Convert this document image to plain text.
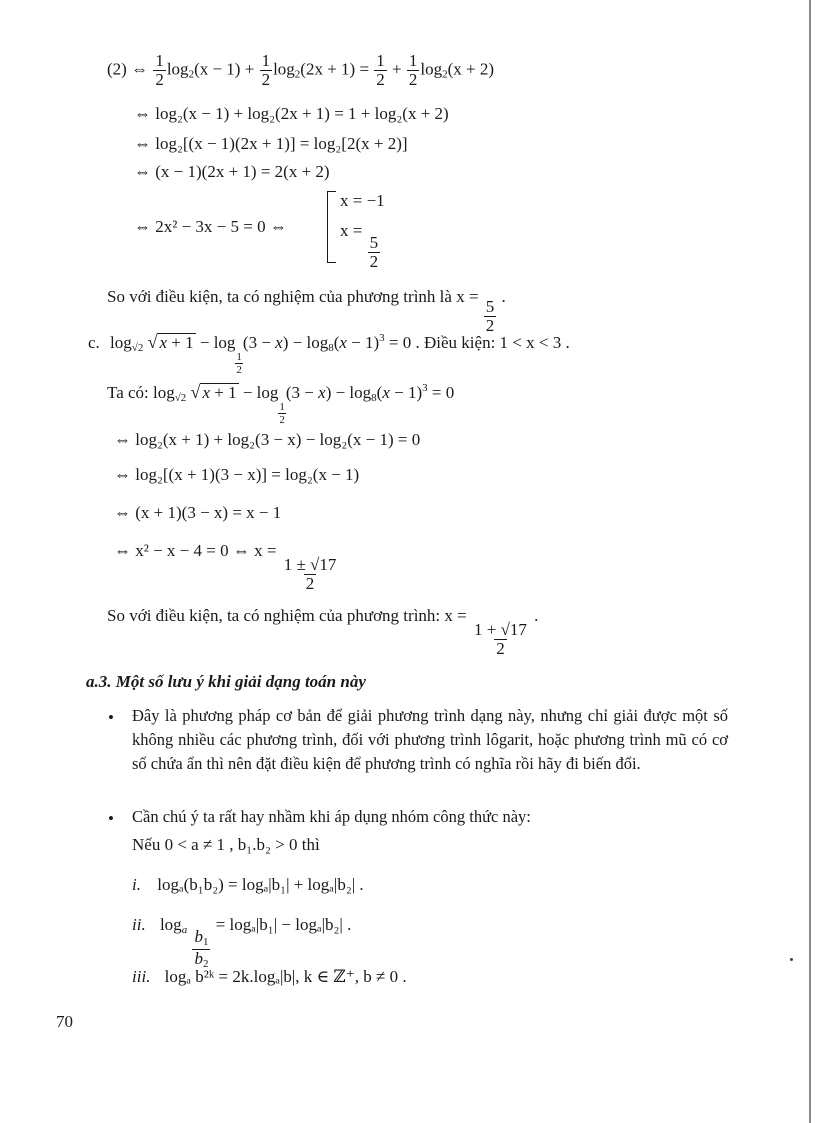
(2) ⇔ $\frac{1}{2} \log_2(x - 1) + \frac{1}{2} \log_2(2x + 1) = \frac{1}{2} + \frac{1}{2} \log_2(x + 2)$
⇔ log₂(x − 1) + log₂(2x + 1) = 1 + log₂(x + 2)
⇔ log₂[(x − 1)(2x + 1)] = log₂[2(x + 2)]
⇔ (x − 1)(2x + 1) = 2(x + 2)
⇔ 2x² − 3x − 5 = 0 ⇔
x = −1
x =
$\frac{5}{2}$
So với điều kiện, ta có nghiệm của phương trình là x =
$\frac{5}{2}$
.
c. $\log_{√2}$ √ x + 1 − log
$\frac{1}{2}$
$(3 - x) - \log_8(x - 1)^3 = 0$ . Điều kiện: 1 < x < 3 .
Ta có: $\log_{√2}$ √ x + 1 − log
$\frac{1}{2}$
$(3 - x) - \log_8(x - 1)^3 = 0$
⇔ log₂(x + 1) + log₂(3 − x) − log₂(x − 1) = 0
⇔ log₂[(x + 1)(3 − x)] = log₂(x − 1)
⇔ (x + 1)(3 − x) = x − 1
⇔ x² − x − 4 = 0 ⇔ x =
$\frac{1 \pm √17}{2}$
So với điều kiện, ta có nghiệm của phương trình: x =
$\frac{1 + √17}{2}$
.
a.3. Một số lưu ý khi giải dạng toán này
• Đây là phương pháp cơ bản để giải phương trình dạng này, nhưng chỉ giải được một số không nhiều các phương trình, đối với phương trình lôgarit, hoặc phương trình mũ có cơ số chứa ẩn thì nên đặt điều kiện để phương trình có nghĩa rồi hãy đi biến đổi.
• Cần chú ý ta rất hay nhầm khi áp dụng nhóm công thức này:
Nếu 0 < a ≠ 1 , b₁.b₂ > 0 thì
i. logₐ(b₁b₂) = logₐ|b₁| + logₐ|b₂| .
ii. $\log_a \frac{b_1}{b_2}$
= logₐ|b₁| − logₐ|b₂| .
iii. logₐ b²ᵏ = 2k.logₐ|b|, k ∈ ℤ⁺, b ≠ 0 .
70
